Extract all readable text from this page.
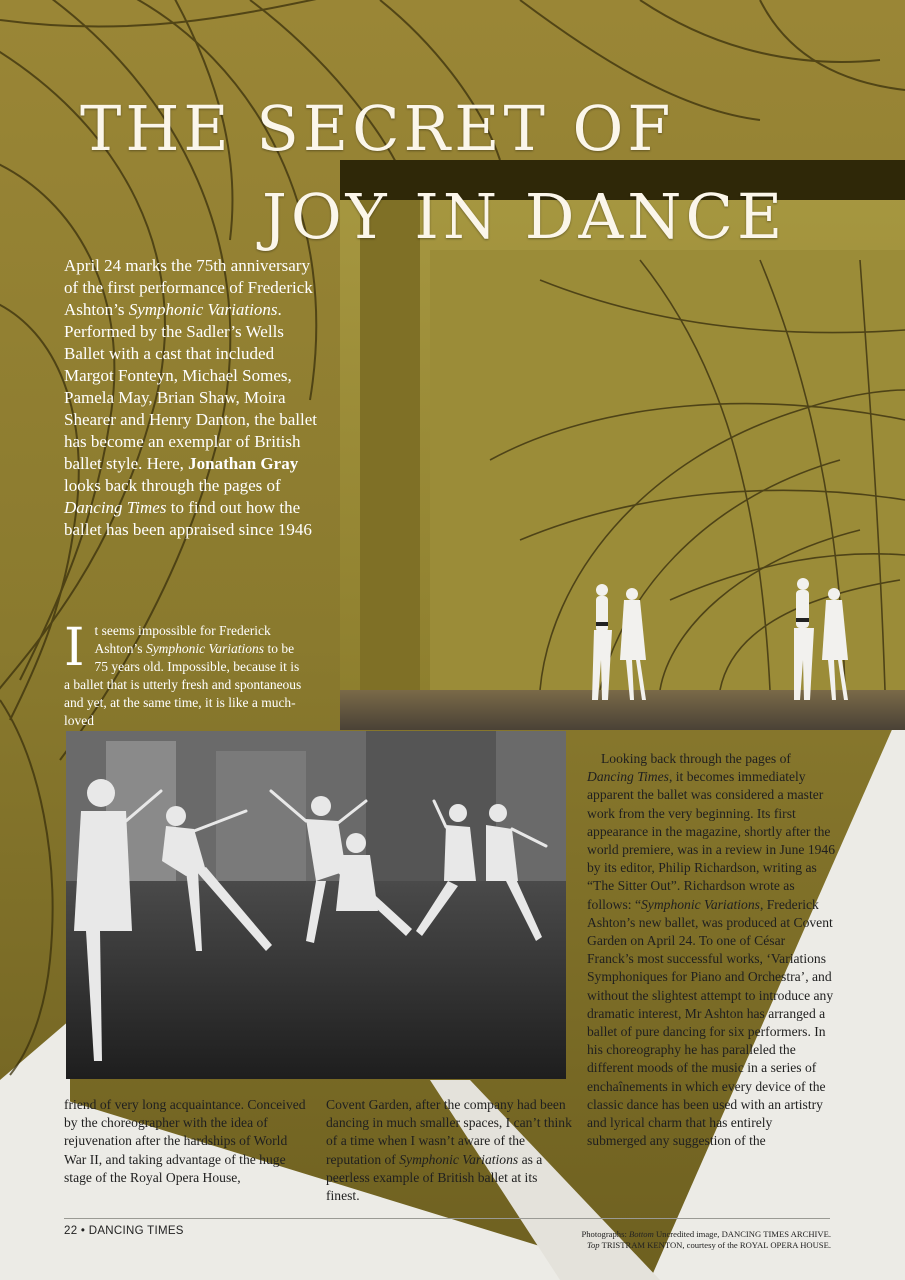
THE SECRET OF
JOY IN DANCE
April 24 marks the 75th anniversary of the first performance of Frederick Ashton’s Symphonic Variations. Performed by the Sadler’s Wells Ballet with a cast that included Margot Fonteyn, Michael Somes, Pamela May, Brian Shaw, Moira Shearer and Henry Danton, the ballet has become an exemplar of British ballet style. Here, Jonathan Gray looks back through the pages of Dancing Times to find out how the ballet has been appraised since 1946
It seems impossible for Frederick Ashton’s Symphonic Variations to be 75 years old. Impossible, because it is a ballet that is utterly fresh and spontaneous and yet, at the same time, it is like a much-loved
Looking back through the pages of Dancing Times, it becomes immediately apparent the ballet was considered a master work from the very beginning. Its first appearance in the magazine, shortly after the world premiere, was in a review in June 1946 by its editor, Philip Richardson, writing as “The Sitter Out”. Richardson wrote as follows: “Symphonic Variations, Frederick Ashton’s new ballet, was produced at Covent Garden on April 24. To one of César Franck’s most successful works, ‘Variations Symphoniques for Piano and Orchestra’, and without the slightest attempt to introduce any dramatic interest, Mr Ashton has arranged a ballet of pure dancing for six performers. In his choreography he has paralleled the different moods of the music in a series of enchaînements in which every device of the classic dance has been used with an artistry and lyrical charm that has entirely submerged any suggestion of the
friend of very long acquaintance. Conceived by the choreographer with the idea of rejuvenation after the hardships of World War II, and taking advantage of the huge stage of the Royal Opera House,
Covent Garden, after the company had been dancing in much smaller spaces, I can’t think of a time when I wasn’t aware of the reputation of Symphonic Variations as a peerless example of British ballet at its finest.
22 • DANCING TIMES	Photographs: Bottom Uncredited image, DANCING TIMES ARCHIVE.
Top TRISTRAM KENTON, courtesy of the ROYAL OPERA HOUSE.
